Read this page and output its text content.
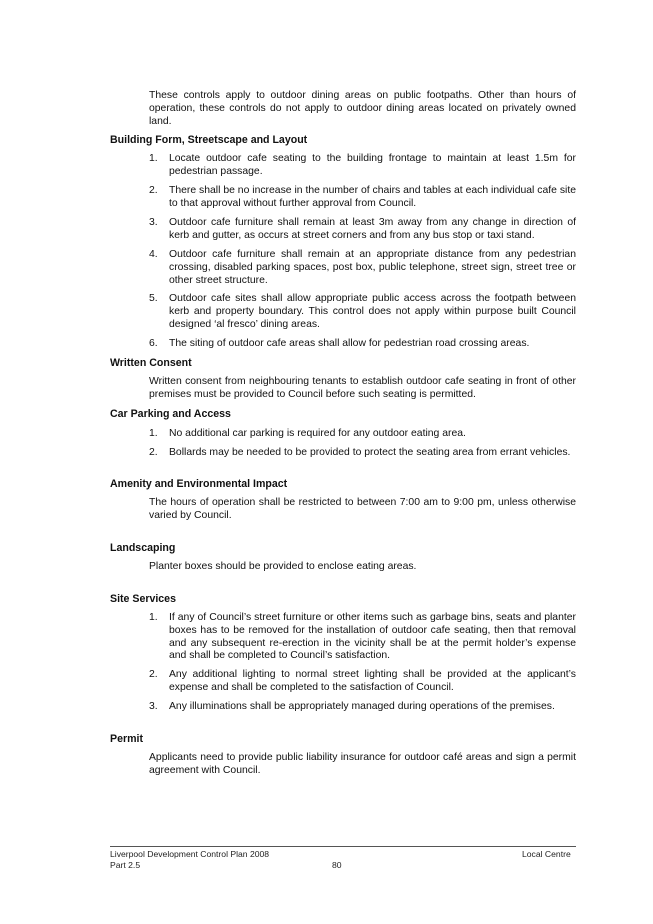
These controls apply to outdoor dining areas on public footpaths. Other than hours of operation, these controls do not apply to outdoor dining areas located on privately owned land.

Building Form, Streetscape and Layout

1.	Locate outdoor cafe seating to the building frontage to maintain at least 1.5m for pedestrian passage.
2.	There shall be no increase in the number of chairs and tables at each individual cafe site to that approval without further approval from Council.
3.	Outdoor cafe furniture shall remain at least 3m away from any change in direction of kerb and gutter, as occurs at street corners and from any bus stop or taxi stand.
4.	Outdoor cafe furniture shall remain at an appropriate distance from any pedestrian crossing, disabled parking spaces, post box, public telephone, street sign, street tree or other street structure.
5.	Outdoor cafe sites shall allow appropriate public access across the footpath between kerb and property boundary. This control does not apply within purpose built Council designed ‘al fresco’ dining areas.
6.	The siting of outdoor cafe areas shall allow for pedestrian road crossing areas.

Written Consent

Written consent from neighbouring tenants to establish outdoor cafe seating in front of other premises must be provided to Council before such seating is permitted.

Car Parking and Access

1.	No additional car parking is required for any outdoor eating area.
2.	Bollards may be needed to be provided to protect the seating area from errant vehicles.

Amenity and Environmental Impact

The hours of operation shall be restricted to between 7:00 am to 9:00 pm, unless otherwise varied by Council.

Landscaping

Planter boxes should be provided to enclose eating areas.

Site Services

1.	If any of Council’s street furniture or other items such as garbage bins, seats and planter boxes has to be removed for the installation of outdoor cafe seating, then that removal and any subsequent re-erection in the vicinity shall be at the permit holder’s expense and shall be completed to Council’s satisfaction.
2.	Any additional lighting to normal street lighting shall be provided at the applicant’s expense and shall be completed to the satisfaction of Council.
3.	Any illuminations shall be appropriately managed during operations of the premises.

Permit

Applicants need to provide public liability insurance for outdoor café areas and sign a permit agreement with Council.

Liverpool Development Control Plan 2008
Part 2.5	80
Local Centre
